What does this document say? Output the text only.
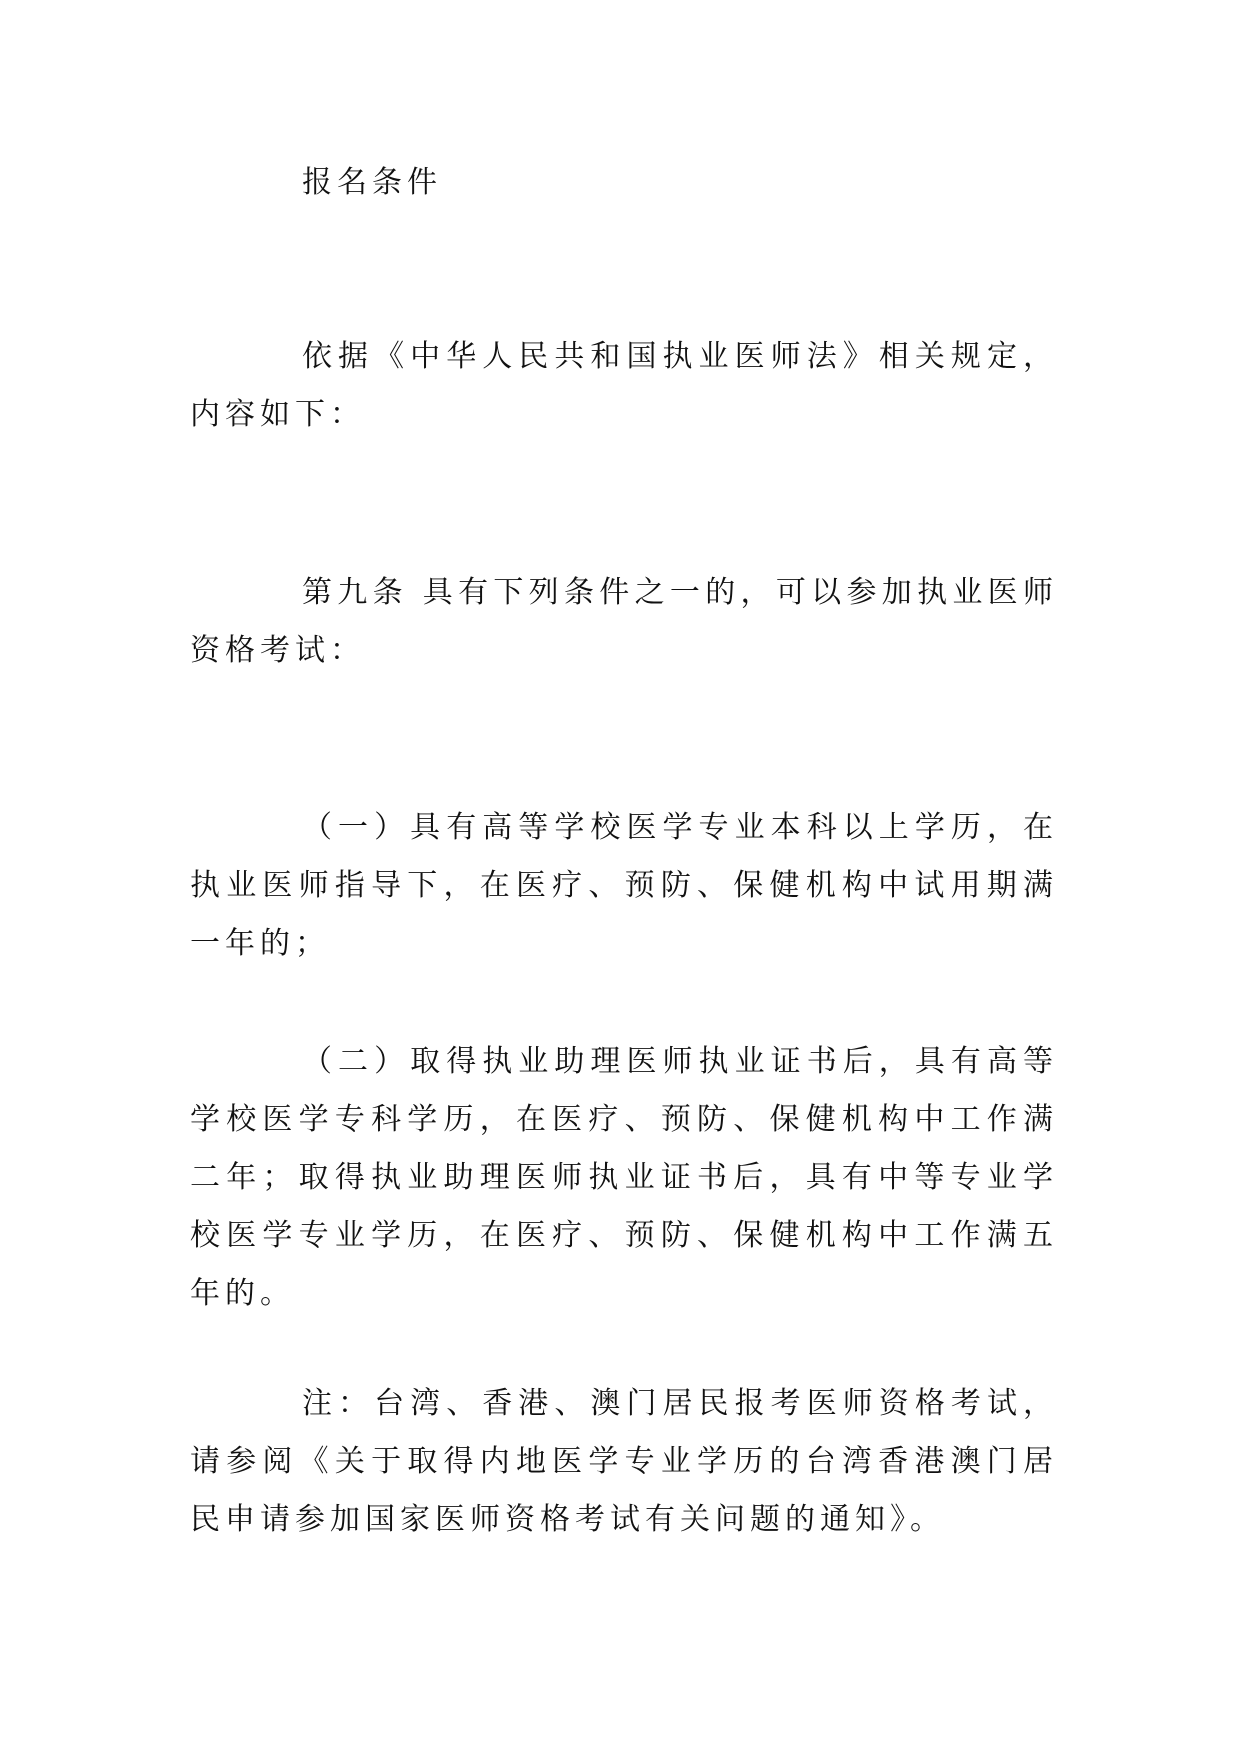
报名条件

依据《中华人民共和国执业医师法》相关规定，内容如下：

第九条 具有下列条件之一的，可以参加执业医师资格考试：

（一）具有高等学校医学专业本科以上学历，在执业医师指导下，在医疗、预防、保健机构中试用期满一年的；

（二）取得执业助理医师执业证书后，具有高等学校医学专科学历，在医疗、预防、保健机构中工作满二年；取得执业助理医师执业证书后，具有中等专业学校医学专业学历，在医疗、预防、保健机构中工作满五年的。

注：台湾、香港、澳门居民报考医师资格考试，请参阅《关于取得内地医学专业学历的台湾香港澳门居民申请参加国家医师资格考试有关问题的通知》。
